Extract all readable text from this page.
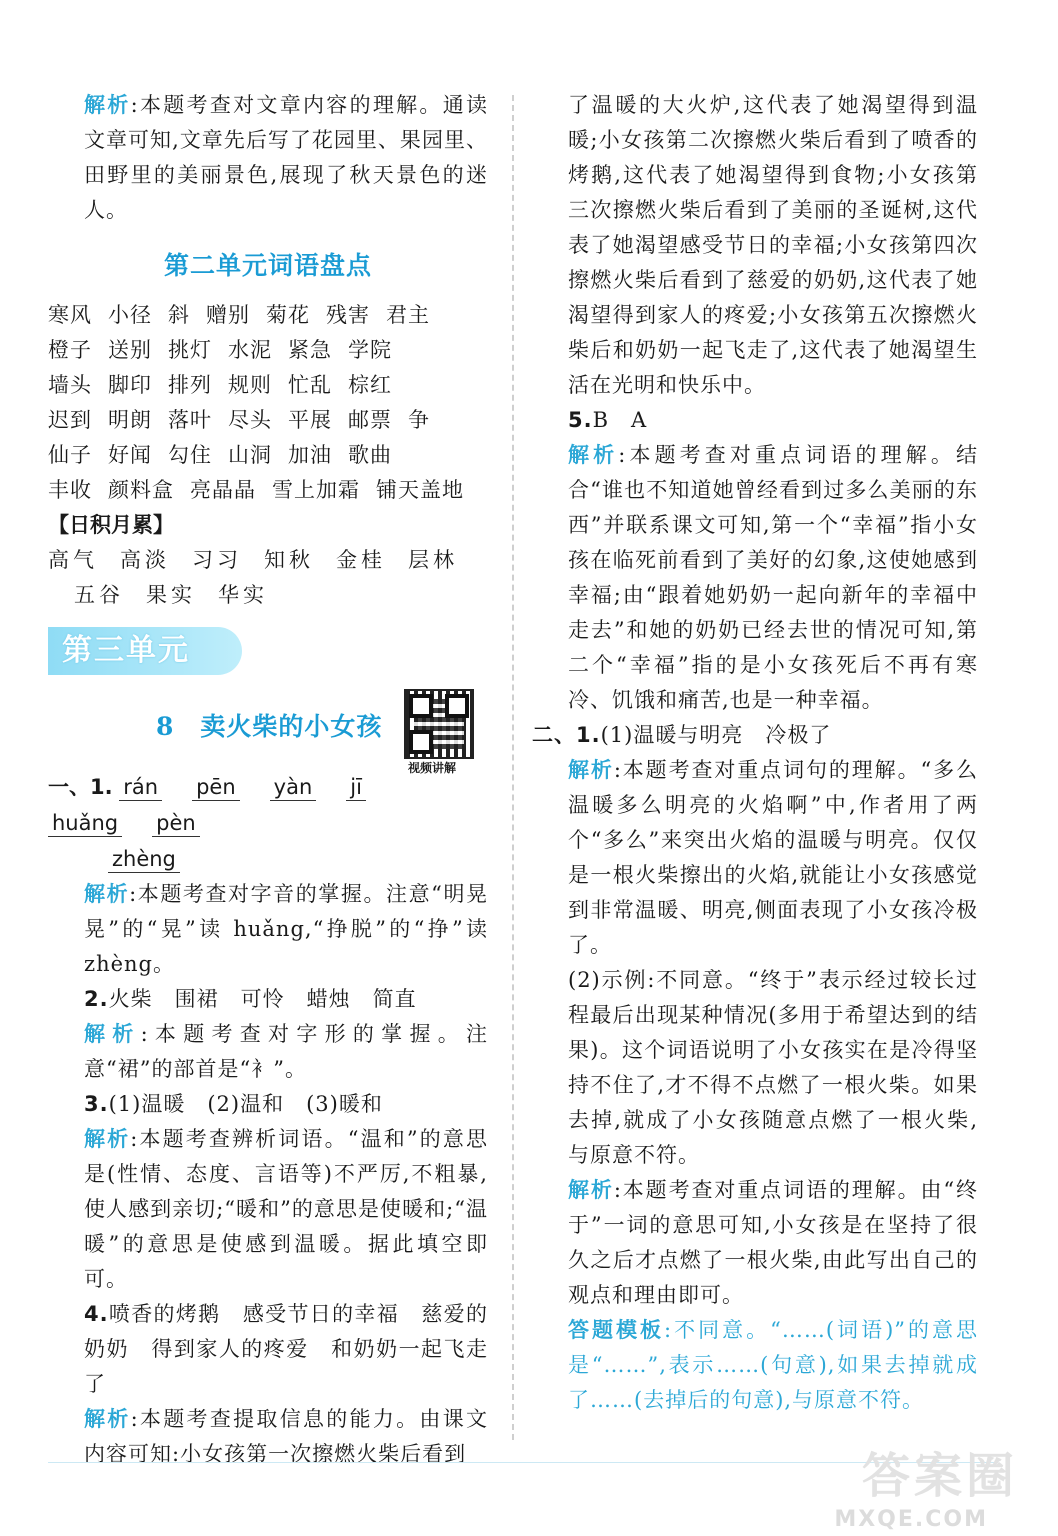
解析:本题考查对文章内容的理解。通读文章可知,文章先后写了花园里、果园里、田野里的美丽景色,展现了秋天景色的迷人。

第二单元词语盘点
寒风 小径 斜 赠别 菊花 残害 君主
橙子 送别 挑灯 水泥 紧急 学院
墙头 脚印 排列 规则 忙乱 棕红
迟到 明朗 落叶 尽头 平展 邮票 争
仙子 好闻 勾住 山洞 加油 歌曲
丰收 颜料盒 亮晶晶 雪上加霜 铺天盖地
【日积月累】
高气 高淡 习习 知秋 金桂 层林
五谷 果实 华实
第三单元
8 卖火柴的小女孩
视频讲解
一、1. rán pēn yàn jīhuǎng pèn
zhèng

解析:本题考查对字音的掌握。注意“明晃晃”的“晃”读 huǎng,“挣脱”的“挣”读 zhèng。

2.火柴　围裙　可怜　蜡烛　简直

解析:本题考查对字形的掌握。注意“裙”的部首是“衤”。

3.(1)温暖　(2)温和　(3)暖和

解析:本题考查辨析词语。“温和”的意思是(性情、态度、言语等)不严厉,不粗暴,使人感到亲切;“暖和”的意思是使暖和;“温暖”的意思是使感到温暖。据此填空即可。

4.喷香的烤鹅　感受节日的幸福　慈爱的奶奶　得到家人的疼爱　和奶奶一起飞走了

解析:本题考查提取信息的能力。由课文内容可知:小女孩第一次擦燃火柴后看到

了温暖的大火炉,这代表了她渴望得到温暖;小女孩第二次擦燃火柴后看到了喷香的烤鹅,这代表了她渴望得到食物;小女孩第三次擦燃火柴后看到了美丽的圣诞树,这代表了她渴望感受节日的幸福;小女孩第四次擦燃火柴后看到了慈爱的奶奶,这代表了她渴望得到家人的疼爱;小女孩第五次擦燃火柴后和奶奶一起飞走了,这代表了她渴望生活在光明和快乐中。

5.B　A

解析:本题考查对重点词语的理解。结合“谁也不知道她曾经看到过多么美丽的东西”并联系课文可知,第一个“幸福”指小女孩在临死前看到了美好的幻象,这使她感到幸福;由“跟着她奶奶一起向新年的幸福中走去”和她的奶奶已经去世的情况可知,第二个“幸福”指的是小女孩死后不再有寒冷、饥饿和痛苦,也是一种幸福。

二、1.(1)温暖与明亮　冷极了

解析:本题考查对重点词句的理解。“多么温暖多么明亮的火焰啊”中,作者用了两个“多么”来突出火焰的温暖与明亮。仅仅是一根火柴擦出的火焰,就能让小女孩感觉到非常温暖、明亮,侧面表现了小女孩冷极了。

(2)示例:不同意。“终于”表示经过较长过程最后出现某种情况(多用于希望达到的结果)。这个词语说明了小女孩实在是冷得坚持不住了,才不得不点燃了一根火柴。如果去掉,就成了小女孩随意点燃了一根火柴,与原意不符。

解析:本题考查对重点词语的理解。由“终于”一词的意思可知,小女孩是在坚持了很久之后才点燃了一根火柴,由此写出自己的观点和理由即可。

答题模板:不同意。“……(词语)”的意思是“……”,表示……(句意),如果去掉就成了……(去掉后的句意),与原意不符。

答案圈
MXQE.COM
